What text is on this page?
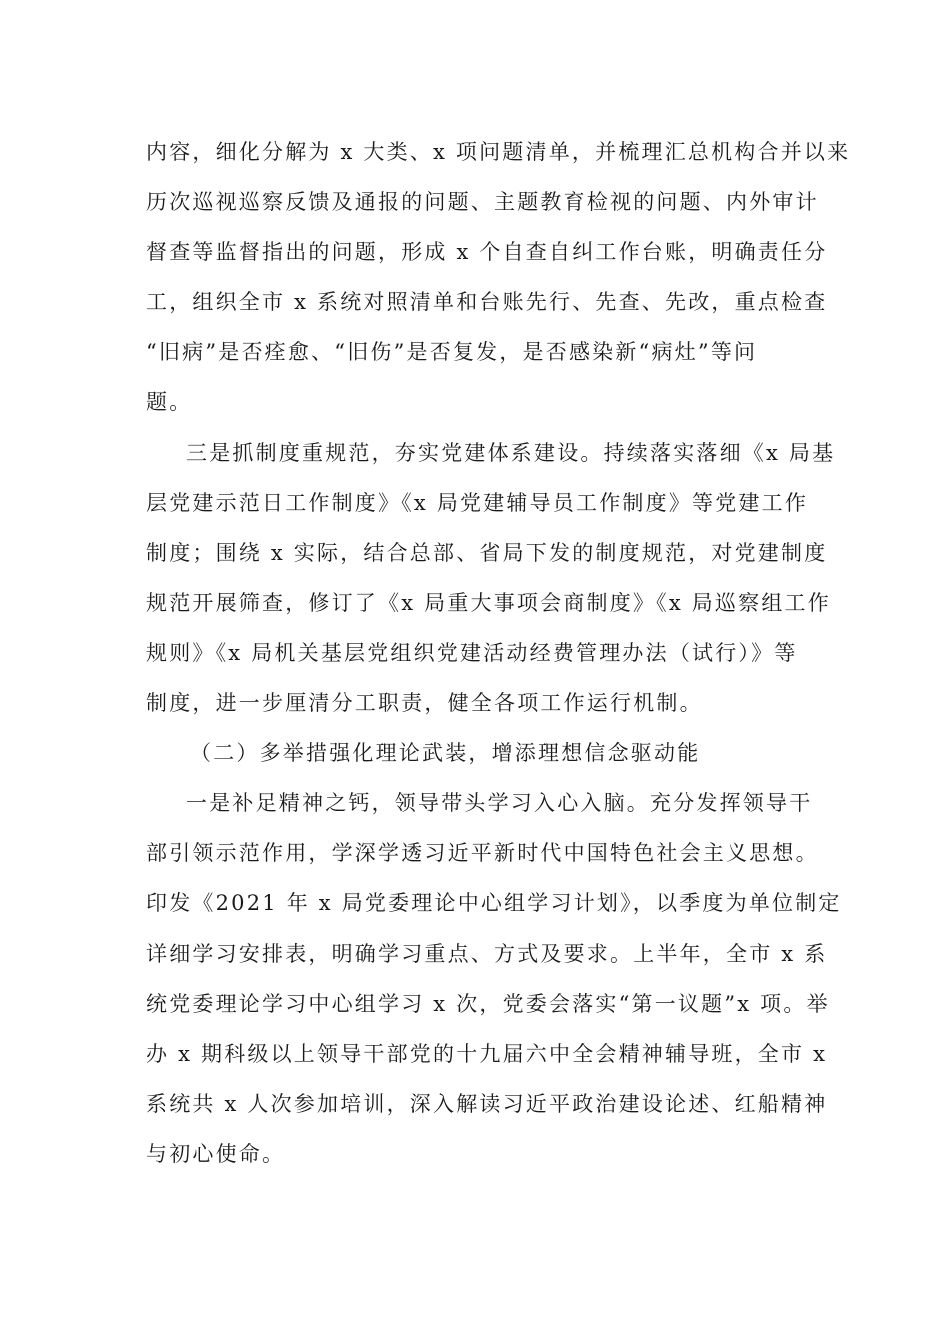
内容，细化分解为 x 大类、x 项问题清单，并梳理汇总机构合并以来
历次巡视巡察反馈及通报的问题、主题教育检视的问题、内外审计
督查等监督指出的问题，形成 x 个自查自纠工作台账，明确责任分
工，组织全市 x 系统对照清单和台账先行、先查、先改，重点检查
“旧病”是否痊愈、“旧伤”是否复发，是否感染新“病灶”等问
题。
三是抓制度重规范，夯实党建体系建设。持续落实落细《x 局基
层党建示范日工作制度》《x 局党建辅导员工作制度》等党建工作
制度；围绕 x 实际，结合总部、省局下发的制度规范，对党建制度
规范开展筛查，修订了《x 局重大事项会商制度》《x 局巡察组工作
规则》《x 局机关基层党组织党建活动经费管理办法（试行）》等
制度，进一步厘清分工职责，健全各项工作运行机制。
（二）多举措强化理论武装，增添理想信念驱动能
一是补足精神之钙，领导带头学习入心入脑。充分发挥领导干
部引领示范作用，学深学透习近平新时代中国特色社会主义思想。
印发《2021 年 x 局党委理论中心组学习计划》，以季度为单位制定
详细学习安排表，明确学习重点、方式及要求。上半年，全市 x 系
统党委理论学习中心组学习 x 次，党委会落实“第一议题”x 项。举
办 x 期科级以上领导干部党的十九届六中全会精神辅导班，全市 x
系统共 x 人次参加培训，深入解读习近平政治建设论述、红船精神
与初心使命。
